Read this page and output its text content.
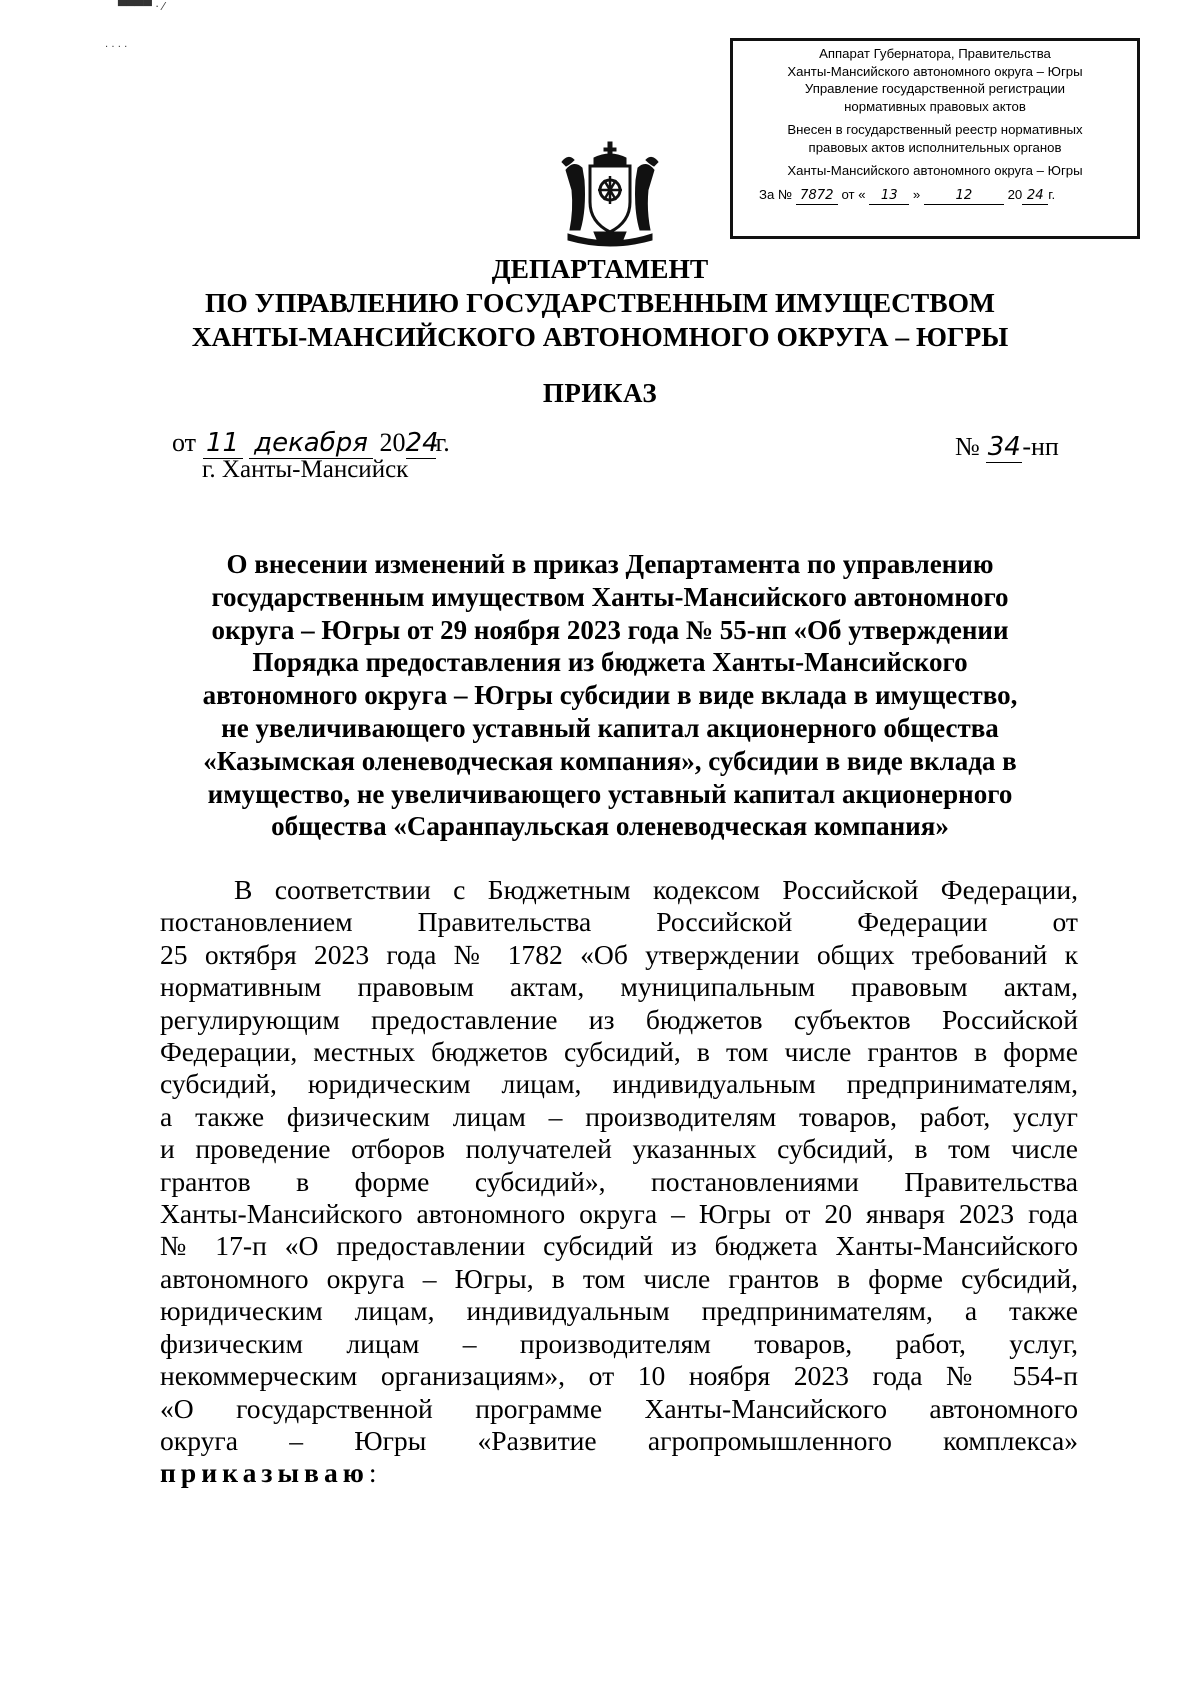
▀▀▀▀ · ⁄
· · · ·	Аппарат Губернатора, Правительства
Ханты-Мансийского автономного округа – Югры
Управление государственной регистрации
нормативных правовых актов
Внесен в государственный реестр нормативных
правовых актов исполнительных органов
Ханты-Мансийского автономного округа – Югры
За № 7872 от « 13 »	12	20 24 г.
ДЕПАРТАМЕНТ
ПО УПРАВЛЕНИЮ ГОСУДАРСТВЕННЫМ ИМУЩЕСТВОМ
ХАНТЫ-МАНСИЙСКОГО АВТОНОМНОГО ОКРУГА – ЮГРЫ
ПРИКАЗ
от 11 декабря 2024г.
г. Ханты-Мансийск
№ 34-нп
О внесении изменений в приказ Департамента по управлению
государственным имуществом Ханты-Мансийского автономного
округа – Югры от 29 ноября 2023 года № 55-нп «Об утверждении
Порядка предоставления из бюджета Ханты-Мансийского
автономного округа – Югры субсидии в виде вклада в имущество,
не увеличивающего уставный капитал акционерного общества
«Казымская оленеводческая компания», субсидии в виде вклада в
имущество, не увеличивающего уставный капитал акционерного
общества «Саранпаульская оленеводческая компания»
В соответствии с Бюджетным кодексом Российской Федерации,
постановлением Правительства Российской Федерации от
25 октября 2023 года № 1782 «Об утверждении общих требований к
нормативным правовым актам, муниципальным правовым актам,
регулирующим предоставление из бюджетов субъектов Российской
Федерации, местных бюджетов субсидий, в том числе грантов в форме
субсидий, юридическим лицам, индивидуальным предпринимателям,
а также физическим лицам – производителям товаров, работ, услуг
и проведение отборов получателей указанных субсидий, в том числе
грантов в форме субсидий», постановлениями Правительства
Ханты-Мансийского автономного округа – Югры от 20 января 2023 года
№ 17-п «О предоставлении субсидий из бюджета Ханты-Мансийского
автономного округа – Югры, в том числе грантов в форме субсидий,
юридическим лицам, индивидуальным предпринимателям, а также
физическим лицам – производителям товаров, работ, услуг,
некоммерческим организациям», от 10 ноября 2023 года № 554-п
«О государственной программе Ханты-Мансийского автономного
округа – Югры «Развитие агропромышленного комплекса»
приказываю:
